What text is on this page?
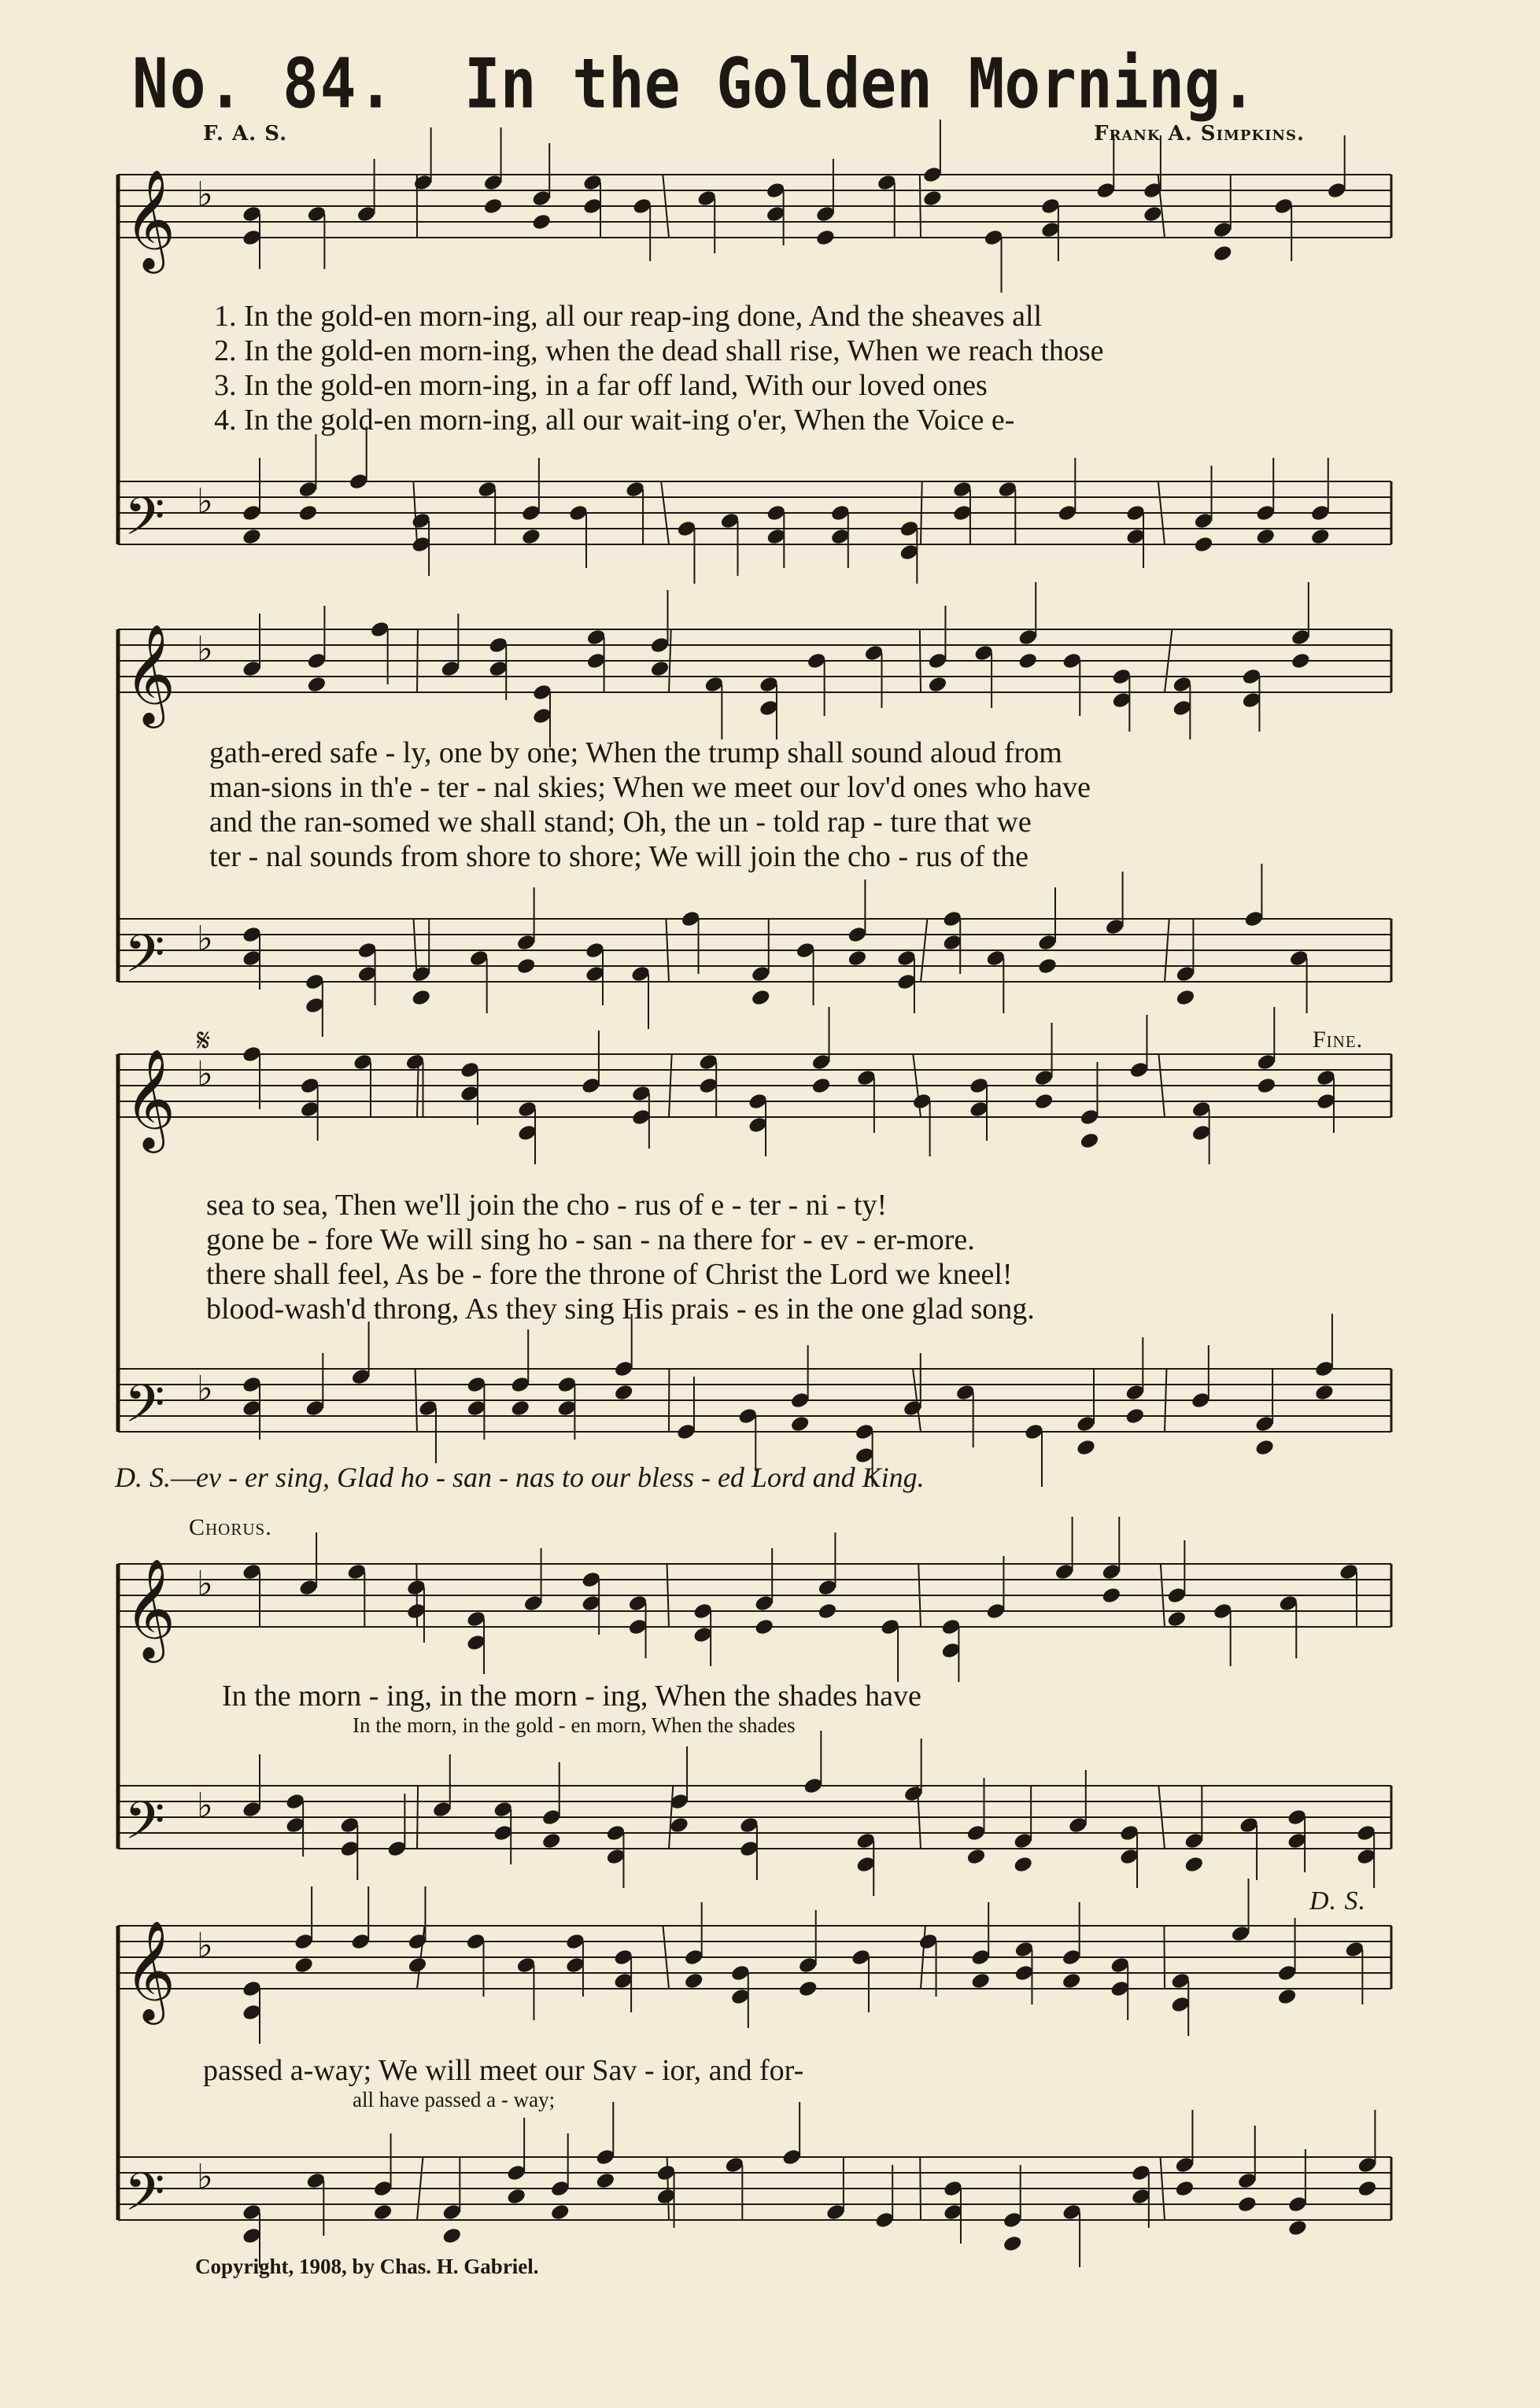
No. 84. In the Golden Morning.
F. A. S.	Frank A. Simpkins.
𝄞 ♭
𝄢 ♭
𝄞 ♭
𝄢 ♭
𝄞 ♭
𝄢 ♭
𝄞 ♭
𝄢 ♭
𝄞 ♭
𝄢 ♭
1. In the gold-en morn-ing, all our reap-ing done, And the sheaves all
2. In the gold-en morn-ing, when the dead shall rise, When we reach those
3. In the gold-en morn-ing, in a far off land, With our loved ones
4. In the gold-en morn-ing, all our wait-ing o'er, When the Voice e-
gath-ered safe - ly, one by one; When the trump shall sound aloud from
man-sions in th'e - ter - nal skies; When we meet our lov'd ones who have
and the ran-somed we shall stand; Oh, the un - told rap - ture that we
ter - nal sounds from shore to shore; We will join the cho - rus of the
𝄋	Fine.
sea to sea, Then we'll join the cho - rus of e - ter - ni - ty!
gone be - fore We will sing ho - san - na there for - ev - er-more.
there shall feel, As be - fore the throne of Christ the Lord we kneel!
blood-wash'd throng, As they sing His prais - es in the one glad song.
D. S.—ev - er sing, Glad ho - san - nas to our bless - ed Lord and King.
Chorus.
In the morn - ing, in the morn - ing, When the shades have
In the morn, in the gold - en morn, When the shades
D. S.
passed a-way; We will meet our Sav - ior, and for-
all have passed a - way;
Copyright, 1908, by Chas. H. Gabriel.
